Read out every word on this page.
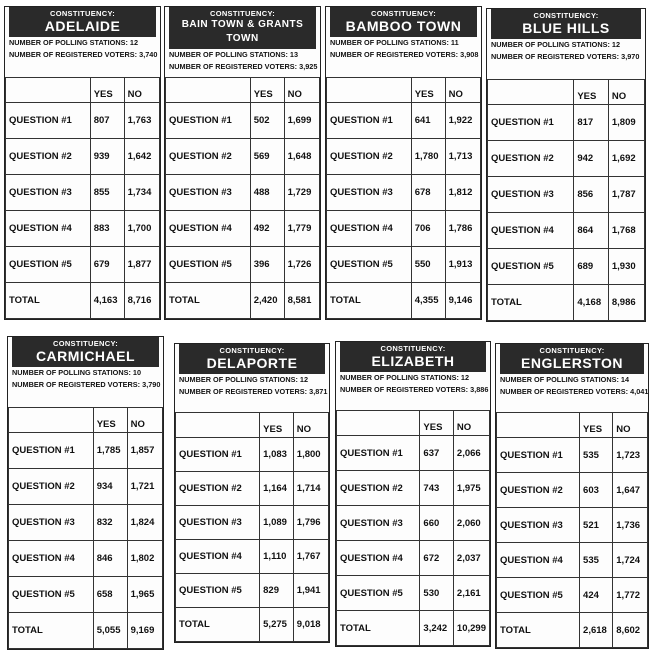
CONSTITUENCY:
ADELAIDE
NUMBER OF POLLING STATIONS: 12
NUMBER OF REGISTERED VOTERS: 3,740
	YES	NO
QUESTION #1	807	1,763
QUESTION #2	939	1,642
QUESTION #3	855	1,734
QUESTION #4	883	1,700
QUESTION #5	679	1,877
TOTAL	4,163	8,716
CONSTITUENCY:
BAIN TOWN & GRANTS TOWN
NUMBER OF POLLING STATIONS: 13
NUMBER OF REGISTERED VOTERS: 3,925
	YES	NO
QUESTION #1	502	1,699
QUESTION #2	569	1,648
QUESTION #3	488	1,729
QUESTION #4	492	1,779
QUESTION #5	396	1,726
TOTAL	2,420	8,581
CONSTITUENCY:
BAMBOO TOWN
NUMBER OF POLLING STATIONS: 11
NUMBER OF REGISTERED VOTERS: 3,908
	YES	NO
QUESTION #1	641	1,922
QUESTION #2	1,780	1,713
QUESTION #3	678	1,812
QUESTION #4	706	1,786
QUESTION #5	550	1,913
TOTAL	4,355	9,146
CONSTITUENCY:
BLUE HILLS
NUMBER OF POLLING STATIONS: 12
NUMBER OF REGISTERED VOTERS: 3,970
	YES	NO
QUESTION #1	817	1,809
QUESTION #2	942	1,692
QUESTION #3	856	1,787
QUESTION #4	864	1,768
QUESTION #5	689	1,930
TOTAL	4,168	8,986
CONSTITUENCY:
CARMICHAEL
NUMBER OF POLLING STATIONS: 10
NUMBER OF REGISTERED VOTERS: 3,790
	YES	NO
QUESTION #1	1,785	1,857
QUESTION #2	934	1,721
QUESTION #3	832	1,824
QUESTION #4	846	1,802
QUESTION #5	658	1,965
TOTAL	5,055	9,169
CONSTITUENCY:
DELAPORTE
NUMBER OF POLLING STATIONS: 12
NUMBER OF REGISTERED VOTERS: 3,871
	YES	NO
QUESTION #1	1,083	1,800
QUESTION #2	1,164	1,714
QUESTION #3	1,089	1,796
QUESTION #4	1,110	1,767
QUESTION #5	829	1,941
TOTAL	5,275	9,018
CONSTITUENCY:
ELIZABETH
NUMBER OF POLLING STATIONS: 12
NUMBER OF REGISTERED VOTERS: 3,886
	YES	NO
QUESTION #1	637	2,066
QUESTION #2	743	1,975
QUESTION #3	660	2,060
QUESTION #4	672	2,037
QUESTION #5	530	2,161
TOTAL	3,242	10,299
CONSTITUENCY:
ENGLERSTON
NUMBER OF POLLING STATIONS: 14
NUMBER OF REGISTERED VOTERS: 4,041
	YES	NO
QUESTION #1	535	1,723
QUESTION #2	603	1,647
QUESTION #3	521	1,736
QUESTION #4	535	1,724
QUESTION #5	424	1,772
TOTAL	2,618	8,602
